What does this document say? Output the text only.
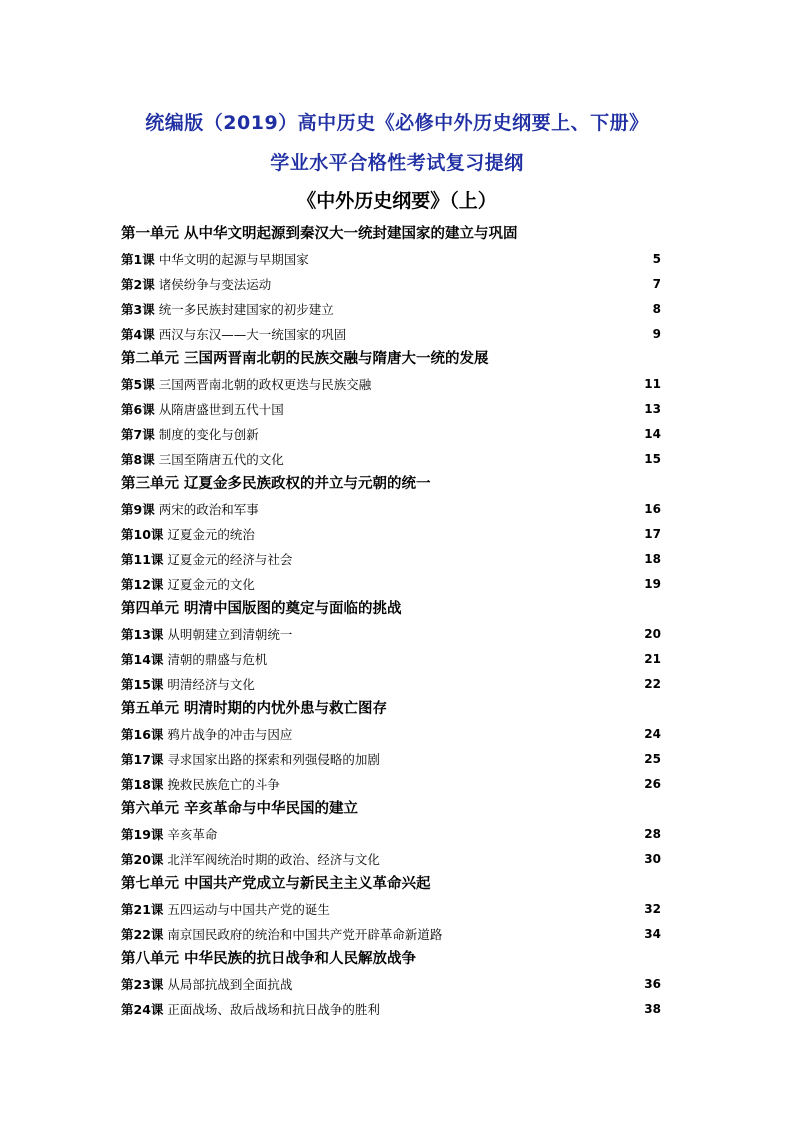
统编版（2019）高中历史《必修中外历史纲要上、下册》
学业水平合格性考试复习提纲
《中外历史纲要》（上）
第一单元 从中华文明起源到秦汉大一统封建国家的建立与巩固
第1课 中华文明的起源与早期国家	5
第2课 诸侯纷争与变法运动	7
第3课 统一多民族封建国家的初步建立	8
第4课 西汉与东汉——大一统国家的巩固	9
第二单元 三国两晋南北朝的民族交融与隋唐大一统的发展
第5课 三国两晋南北朝的政权更迭与民族交融	11
第6课 从隋唐盛世到五代十国	13
第7课 制度的变化与创新	14
第8课 三国至隋唐五代的文化	15
第三单元 辽夏金多民族政权的并立与元朝的统一
第9课 两宋的政治和军事	16
第10课 辽夏金元的统治	17
第11课 辽夏金元的经济与社会	18
第12课 辽夏金元的文化	19
第四单元 明清中国版图的奠定与面临的挑战
第13课 从明朝建立到清朝统一	20
第14课 清朝的鼎盛与危机	21
第15课 明清经济与文化	22
第五单元 明清时期的内忧外患与救亡图存
第16课 鸦片战争的冲击与因应	24
第17课 寻求国家出路的探索和列强侵略的加剧	25
第18课 挽救民族危亡的斗争	26
第六单元 辛亥革命与中华民国的建立
第19课 辛亥革命	28
第20课 北洋军阀统治时期的政治、经济与文化	30
第七单元 中国共产党成立与新民主主义革命兴起
第21课 五四运动与中国共产党的诞生	32
第22课 南京国民政府的统治和中国共产党开辟革命新道路	34
第八单元 中华民族的抗日战争和人民解放战争
第23课 从局部抗战到全面抗战	36
第24课 正面战场、敌后战场和抗日战争的胜利	38
